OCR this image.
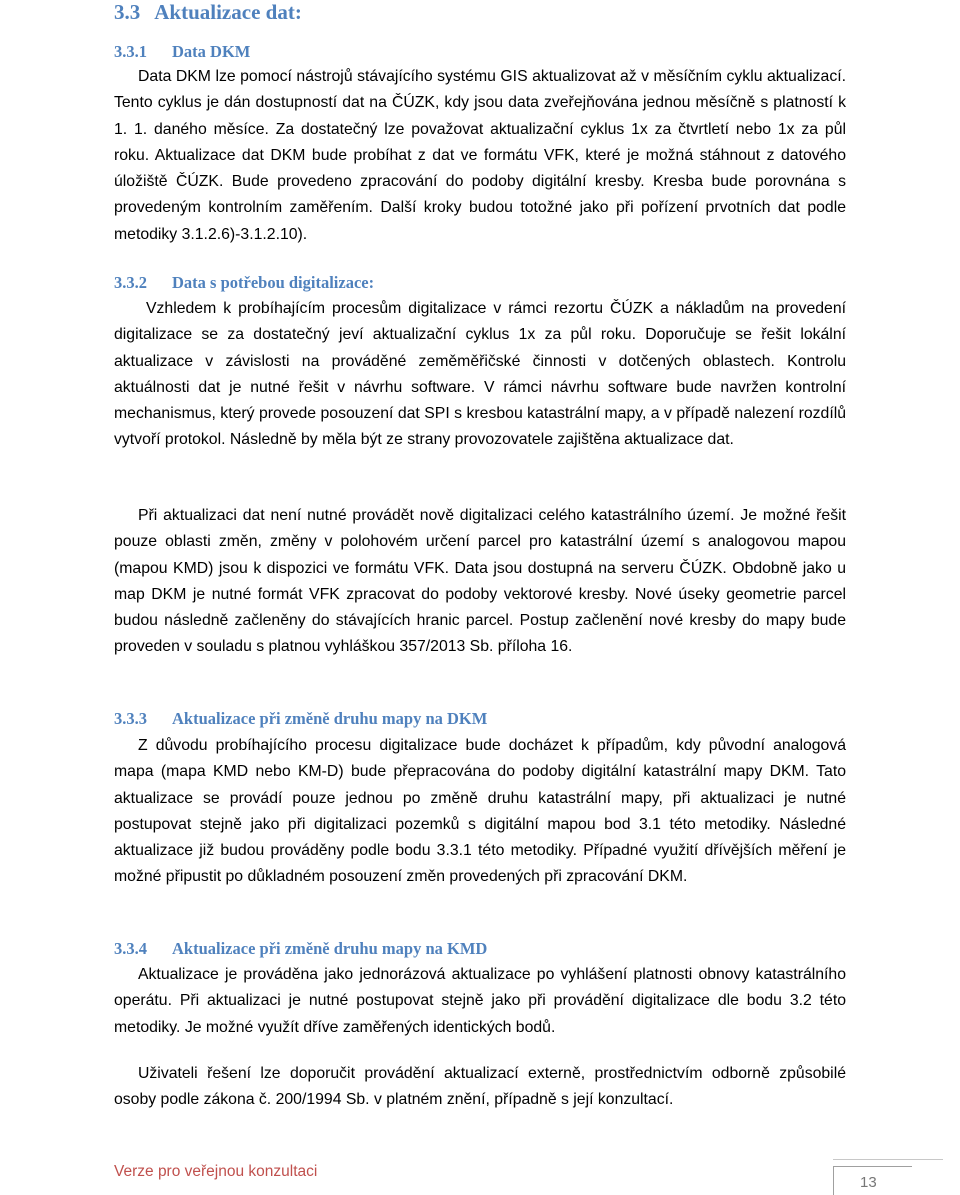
3.3 Aktualizace dat:
3.3.1 Data DKM

Data DKM lze pomocí nástrojů stávajícího systému GIS aktualizovat až v měsíčním cyklu aktualizací. Tento cyklus je dán dostupností dat na ČÚZK, kdy jsou data zveřejňována jednou měsíčně s platností k 1. 1. daného měsíce. Za dostatečný lze považovat aktualizační cyklus 1x za čtvrtletí nebo 1x za půl roku. Aktualizace dat DKM bude probíhat z dat ve formátu VFK, které je možná stáhnout z datového úložiště ČÚZK. Bude provedeno zpracování do podoby digitální kresby. Kresba bude porovnána s provedeným kontrolním zaměřením. Další kroky budou totožné jako při pořízení prvotních dat podle metodiky 3.1.2.6)-3.1.2.10).

3.3.2 Data s potřebou digitalizace:

Vzhledem k probíhajícím procesům digitalizace v rámci rezortu ČÚZK a nákladům na provedení digitalizace se za dostatečný jeví aktualizační cyklus 1x za půl roku. Doporučuje se řešit lokální aktualizace v závislosti na prováděné zeměměřičské činnosti v dotčených oblastech. Kontrolu aktuálnosti dat je nutné řešit v návrhu software. V rámci návrhu software bude navržen kontrolní mechanismus, který provede posouzení dat SPI s kresbou katastrální mapy, a v případě nalezení rozdílů vytvoří protokol. Následně by měla být ze strany provozovatele zajištěna aktualizace dat.

Při aktualizaci dat není nutné provádět nově digitalizaci celého katastrálního území. Je možné řešit pouze oblasti změn, změny v polohovém určení parcel pro katastrální území s analogovou mapou (mapou KMD) jsou k dispozici ve formátu VFK. Data jsou dostupná na serveru ČÚZK. Obdobně jako u map DKM je nutné formát VFK zpracovat do podoby vektorové kresby. Nové úseky geometrie parcel budou následně začleněny do stávajících hranic parcel. Postup začlenění nové kresby do mapy bude proveden v souladu s platnou vyhláškou 357/2013 Sb. příloha 16.

3.3.3 Aktualizace při změně druhu mapy na DKM

Z důvodu probíhajícího procesu digitalizace bude docházet k případům, kdy původní analogová mapa (mapa KMD nebo KM-D) bude přepracována do podoby digitální katastrální mapy DKM. Tato aktualizace se provádí pouze jednou po změně druhu katastrální mapy, při aktualizaci je nutné postupovat stejně jako při digitalizaci pozemků s digitální mapou bod 3.1 této metodiky. Následné aktualizace již budou prováděny podle bodu 3.3.1 této metodiky. Případné využití dřívějších měření je možné připustit po důkladném posouzení změn provedených při zpracování DKM.

3.3.4 Aktualizace při změně druhu mapy na KMD

Aktualizace je prováděna jako jednorázová aktualizace po vyhlášení platnosti obnovy katastrálního operátu. Při aktualizaci je nutné postupovat stejně jako při provádění digitalizace dle bodu 3.2 této metodiky. Je možné využít dříve zaměřených identických bodů.

Uživateli řešení lze doporučit provádění aktualizací externě, prostřednictvím odborně způsobilé osoby podle zákona č. 200/1994 Sb. v platném znění, případně s její konzultací.

Verze pro veřejnou konzultaci
13
